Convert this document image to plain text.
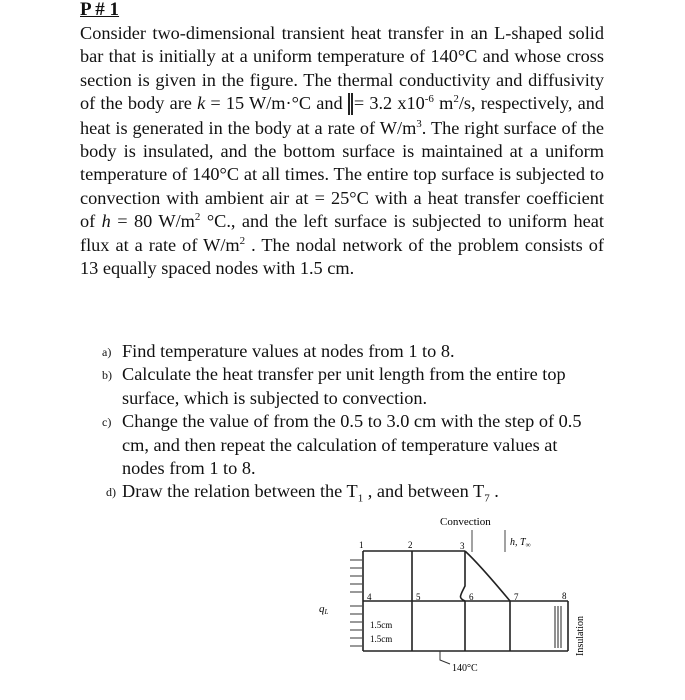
P # 1
Consider two-dimensional transient heat transfer in an L-shaped solid bar that is initially at a uniform temperature of 140°C and whose cross section is given in the figure. The thermal conductivity and diffusivity of the body are k = 15 W/m·°C and = 3.2 $x10^{-6}$ $m^2/s$, respectively, and heat is generated in the body at a rate of $W/m^3$. The right surface of the body is insulated, and the bottom surface is maintained at a uniform temperature of 140°C at all times. The entire top surface is subjected to convection with ambient air at = 25°C with a heat transfer coefficient of h = 80 $W/m^2$ °C., and the left surface is subjected to uniform heat flux at a rate of $W/m^2$ . The nodal network of the problem consists of 13 equally spaced nodes with 1.5 cm.
a) Find temperature values at nodes from 1 to 8.
b) Calculate the heat transfer per unit length from the entire top surface, which is subjected to convection.
c) Change the value of from the 0.5 to 3.0 cm with the step of 0.5 cm, and then repeat the calculation of temperature values at nodes from 1 to 8.
d) Draw the relation between the $T_1$ , and between $T_7$ .
Convection
h, $T_\infty$
Insulation
qL
1	2	3
4	5	6	7	8
1.5cm
1.5cm
140°C
